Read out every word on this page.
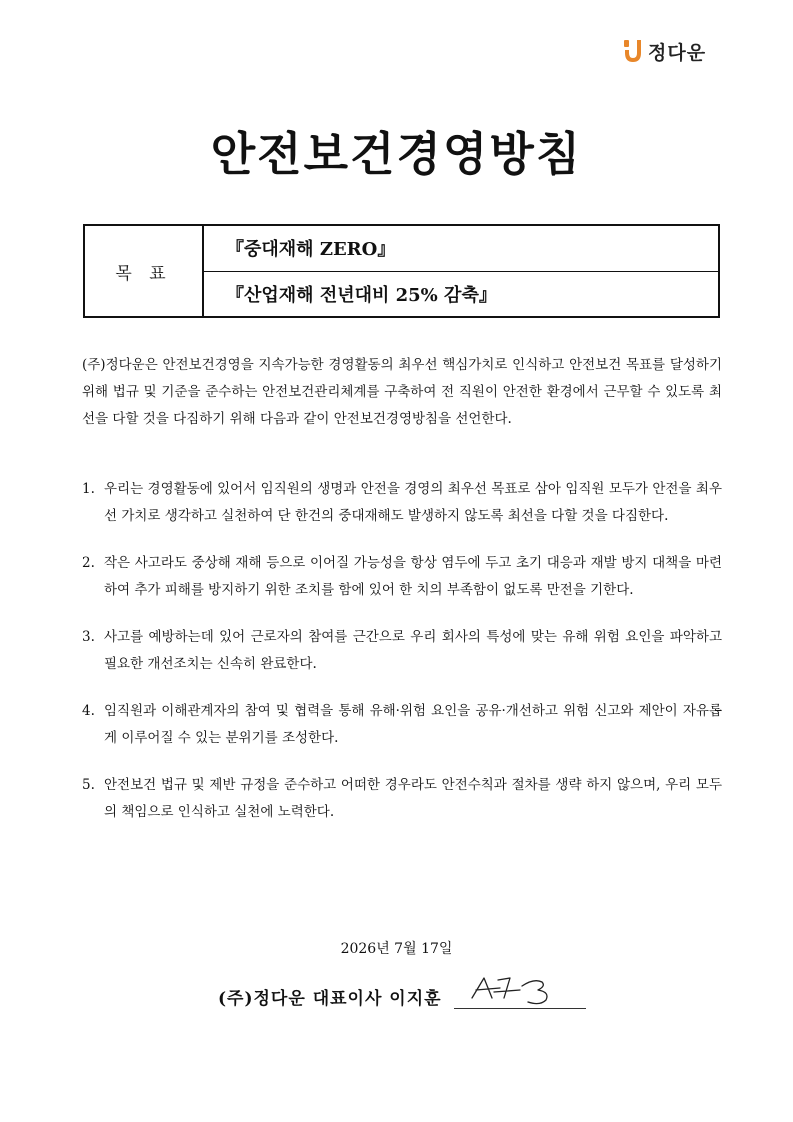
정다운
안전보건경영방침
목 표
『중대재해 ZERO』
『산업재해 전년대비 25% 감축』

(주)정다운은 안전보건경영을 지속가능한 경영활동의 최우선 핵심가치로 인식하고 안전보건 목표를 달성하기 위해 법규 및 기준을 준수하는 안전보건관리체계를 구축하여 전 직원이 안전한 환경에서 근무할 수 있도록 최선을 다할 것을 다짐하기 위해 다음과 같이 안전보건경영방침을 선언한다.

1. 우리는 경영활동에 있어서 임직원의 생명과 안전을 경영의 최우선 목표로 삼아 임직원 모두가 안전을 최우선 가치로 생각하고 실천하여 단 한건의 중대재해도 발생하지 않도록 최선을 다할 것을 다짐한다.
2. 작은 사고라도 중상해 재해 등으로 이어질 가능성을 항상 염두에 두고 초기 대응과 재발 방지 대책을 마련하여 추가 피해를 방지하기 위한 조치를 함에 있어 한 치의 부족함이 없도록 만전을 기한다.
3. 사고를 예방하는데 있어 근로자의 참여를 근간으로 우리 회사의 특성에 맞는 유해 위험 요인을 파악하고 필요한 개선조치는 신속히 완료한다.
4. 임직원과 이해관계자의 참여 및 협력을 통해 유해·위험 요인을 공유·개선하고 위험 신고와 제안이 자유롭게 이루어질 수 있는 분위기를 조성한다.
5. 안전보건 법규 및 제반 규정을 준수하고 어떠한 경우라도 안전수칙과 절차를 생략 하지 않으며, 우리 모두의 책임으로 인식하고 실천에 노력한다.
2026년 7월 17일
(주)정다운 대표이사 이지훈
